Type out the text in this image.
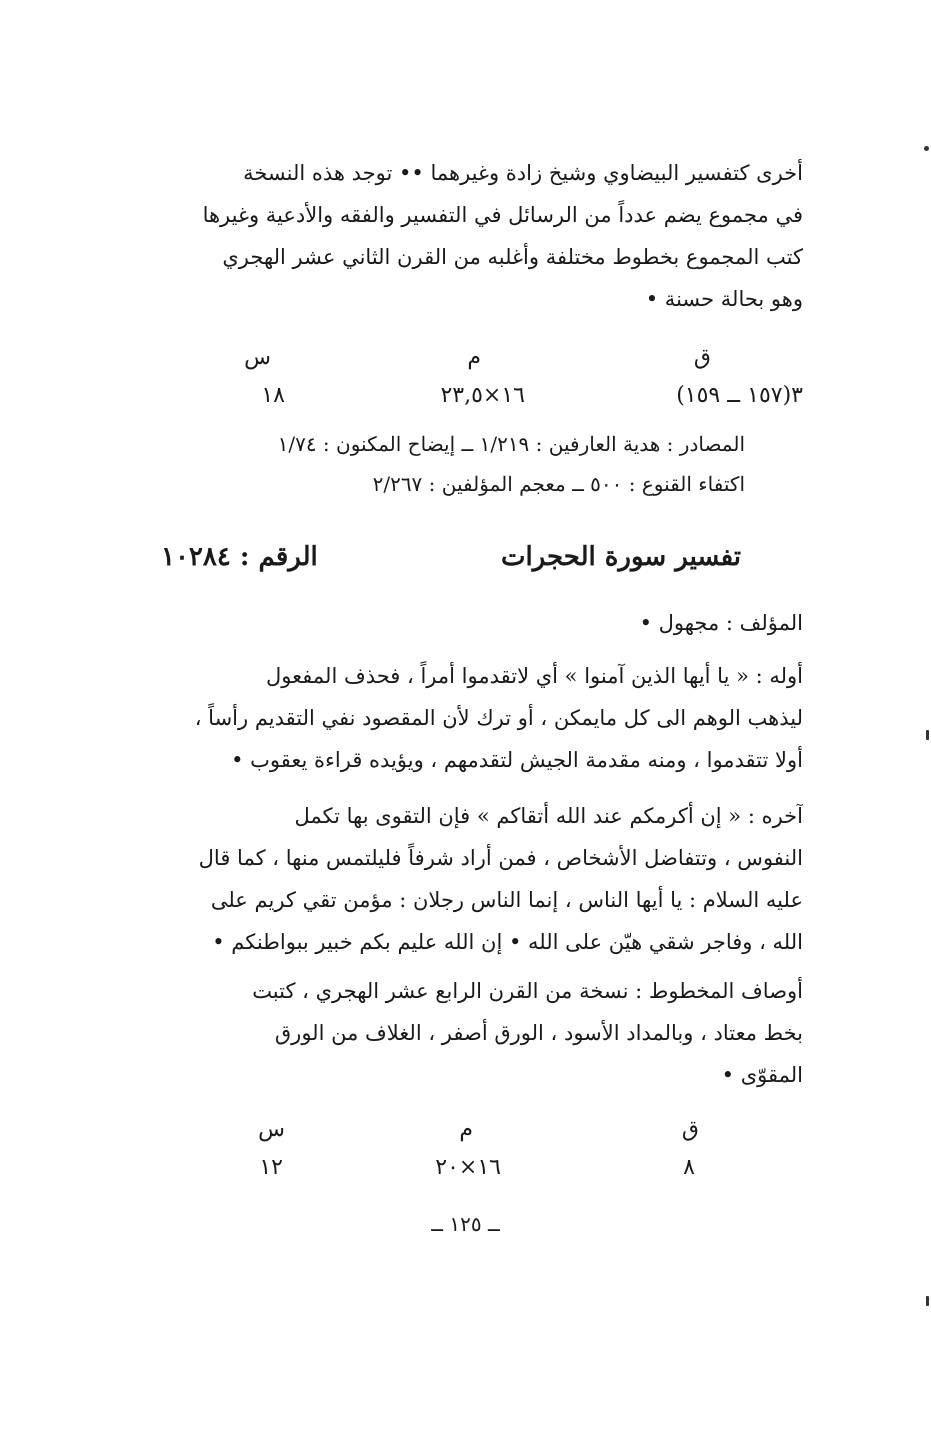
أخرى كتفسير البيضاوي وشيخ زادة وغيرهما •• توجد هذه النسخة
في مجموع يضم عدداً من الرسائل في التفسير والفقه والأدعية وغيرها
كتب المجموع بخطوط مختلفة وأغلبه من القرن الثاني عشر الهجري
وهو بحالة حسنة •
ق
م
س
٣(١٥٧ ــ ١٥٩)
١٦×٢٣,٥
١٨
المصادر : هدية العارفين : ١/٢١٩ ــ إيضاح المكنون : ١/٧٤
اكتفاء القنوع : ٥٠٠ ــ معجم المؤلفين : ٢/٢٦٧
تفسير سورة الحجرات
الرقم : ١٠٢٨٤
المؤلف : مجهول •
أوله : « يا أيها الذين آمنوا » أي لاتقدموا أمراً ، فحذف المفعول
ليذهب الوهم الى كل مايمكن ، أو ترك لأن المقصود نفي التقديم رأساً ،
أولا تتقدموا ، ومنه مقدمة الجيش لتقدمهم ، ويؤيده قراءة يعقوب •
آخره : « إن أكرمكم عند الله أتقاكم » فإن التقوى بها تكمل
النفوس ، وتتفاضل الأشخاص ، فمن أراد شرفاً فليلتمس منها ، كما قال
عليه السلام : يا أيها الناس ، إنما الناس رجلان : مؤمن تقي كريم على
الله ، وفاجر شقي هيّن على الله • إن الله عليم بكم خبير ببواطنكم •
أوصاف المخطوط : نسخة من القرن الرابع عشر الهجري ، كتبت
بخط معتاد ، وبالمداد الأسود ، الورق أصفر ، الغلاف من الورق
المقوّى •
ق
م
س
٨
١٦×٢٠
١٢
ــ ١٢٥ ــ
